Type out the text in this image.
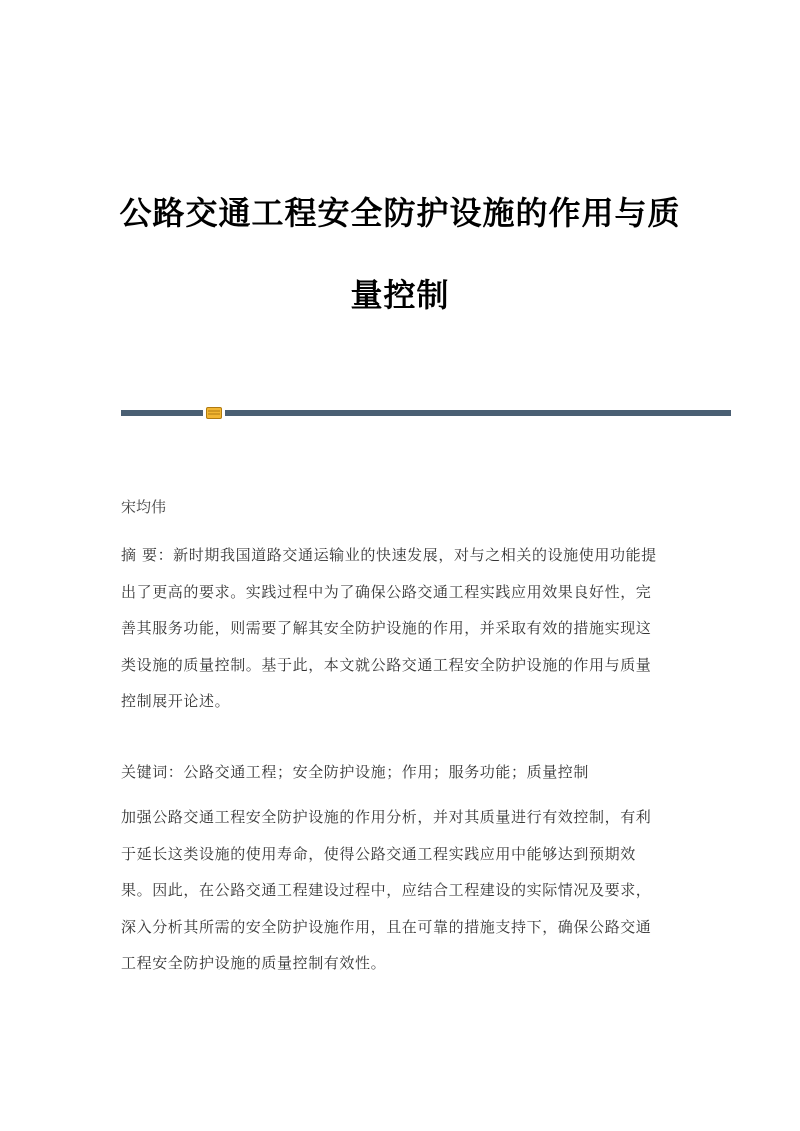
公路交通工程安全防护设施的作用与质
量控制
宋均伟
摘 要：新时期我国道路交通运输业的快速发展，对与之相关的设施使用功能提
出了更高的要求。实践过程中为了确保公路交通工程实践应用效果良好性，完
善其服务功能，则需要了解其安全防护设施的作用，并采取有效的措施实现这
类设施的质量控制。基于此，本文就公路交通工程安全防护设施的作用与质量
控制展开论述。
关键词：公路交通工程；安全防护设施；作用；服务功能；质量控制
加强公路交通工程安全防护设施的作用分析，并对其质量进行有效控制，有利
于延长这类设施的使用寿命，使得公路交通工程实践应用中能够达到预期效
果。因此，在公路交通工程建设过程中，应结合工程建设的实际情况及要求，
深入分析其所需的安全防护设施作用，且在可靠的措施支持下，确保公路交通
工程安全防护设施的质量控制有效性。
